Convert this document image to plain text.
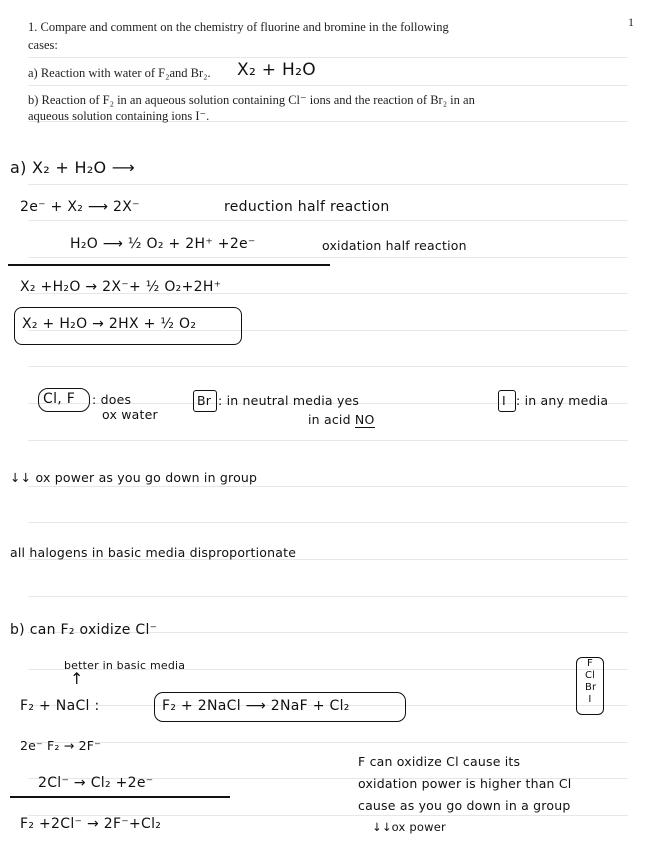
1
1. Compare and comment on the chemistry of fluorine and bromine in the following
cases:
a) Reaction with water of F₂and Br₂. X₂ + H₂O
b) Reaction of F₂ in an aqueous solution containing Cl⁻ ions and the reaction of Br₂ in an
aqueous solution containing ions I⁻.
a) X₂ + H₂O ⟶
2e⁻ + X₂ ⟶ 2X⁻	reduction half reaction
H₂O ⟶ ½ O₂ + 2H⁺ +2e⁻	oxidation half reaction
X₂ +H₂O → 2X⁻+ ½ O₂+2H⁺
X₂ + H₂O → 2HX + ½ O₂
Cl, F : does
ox water
Br : in neutral media yes
in acid NO
I : in any media
↓↓ ox power as you go down in group
all halogens in basic media disproportionate
b) can F₂ oxidize Cl⁻
better in basic media
↑
F₂ + NaCl :	F₂ + 2NaCl ⟶ 2NaF + Cl₂
F
Cl
Br
I
2e⁻ F₂ → 2F⁻
2Cl⁻ → Cl₂ +2e⁻
F₂ +2Cl⁻ → 2F⁻+Cl₂
F can oxidize Cl cause its
oxidation power is higher than Cl
cause as you go down in a group
↓↓ox power
